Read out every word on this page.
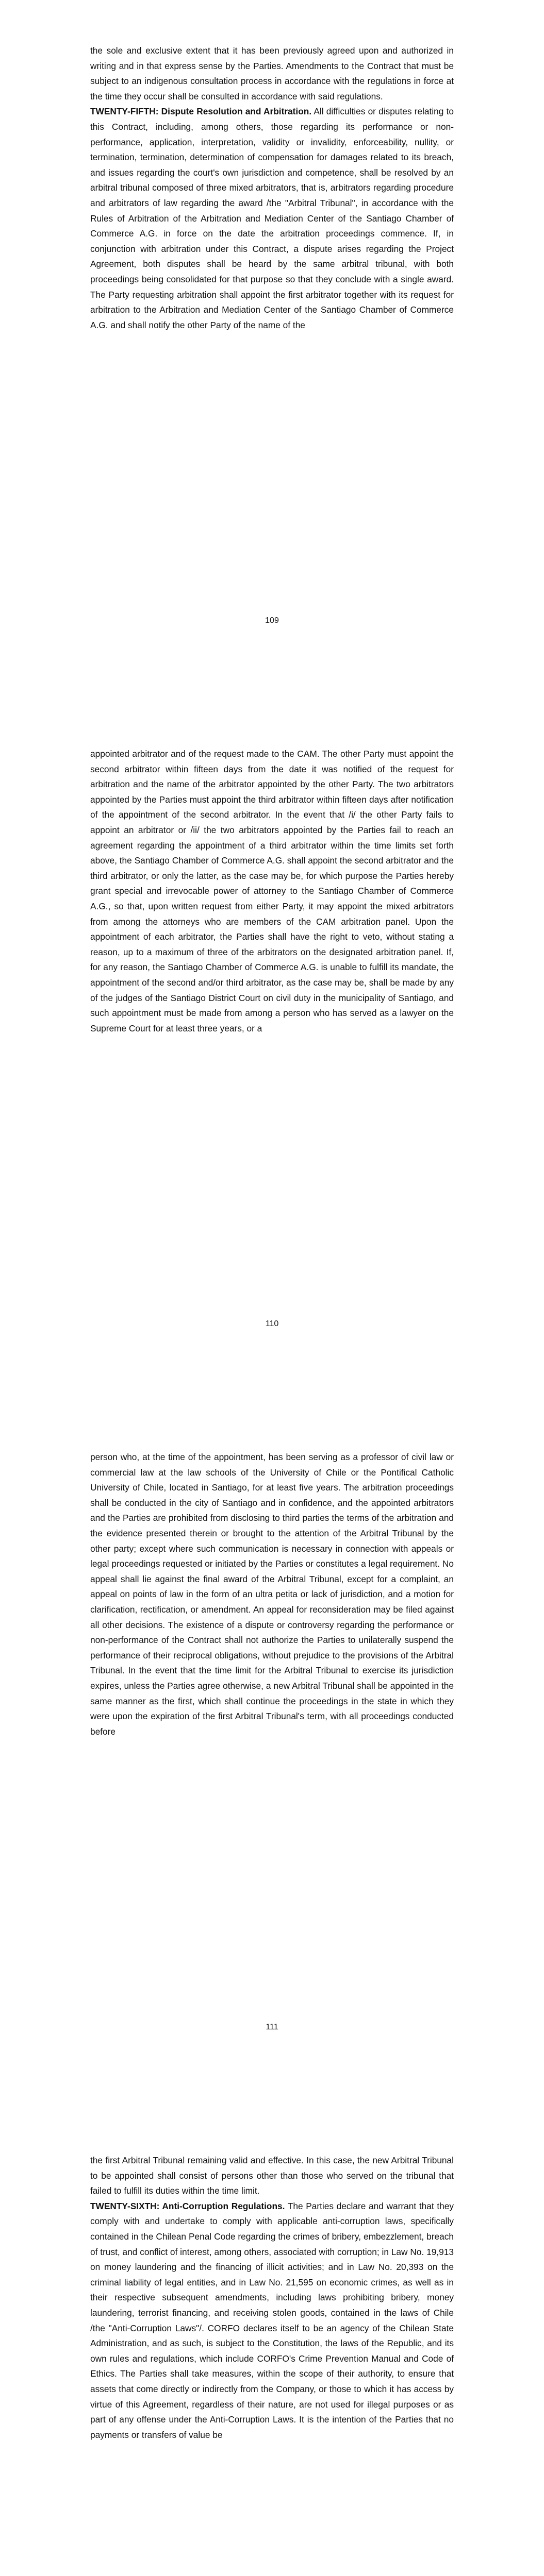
the sole and exclusive extent that it has been previously agreed upon and authorized in writing and in that express sense by the Parties. Amendments to the Contract that must be subject to an indigenous consultation process in accordance with the regulations in force at the time they occur shall be consulted in accordance with said regulations.
TWENTY-FIFTH: Dispute Resolution and Arbitration. All difficulties or disputes relating to this Contract, including, among others, those regarding its performance or non-performance, application, interpretation, validity or invalidity, enforceability, nullity, or termination, termination, determination of compensation for damages related to its breach, and issues regarding the court's own jurisdiction and competence, shall be resolved by an arbitral tribunal composed of three mixed arbitrators, that is, arbitrators regarding procedure and arbitrators of law regarding the award /the "Arbitral Tribunal", in accordance with the Rules of Arbitration of the Arbitration and Mediation Center of the Santiago Chamber of Commerce A.G. in force on the date the arbitration proceedings commence. If, in conjunction with arbitration under this Contract, a dispute arises regarding the Project Agreement, both disputes shall be heard by the same arbitral tribunal, with both proceedings being consolidated for that purpose so that they conclude with a single award. The Party requesting arbitration shall appoint the first arbitrator together with its request for arbitration to the Arbitration and Mediation Center of the Santiago Chamber of Commerce A.G. and shall notify the other Party of the name of the
109
appointed arbitrator and of the request made to the CAM. The other Party must appoint the second arbitrator within fifteen days from the date it was notified of the request for arbitration and the name of the arbitrator appointed by the other Party. The two arbitrators appointed by the Parties must appoint the third arbitrator within fifteen days after notification of the appointment of the second arbitrator. In the event that /i/ the other Party fails to appoint an arbitrator or /ii/ the two arbitrators appointed by the Parties fail to reach an agreement regarding the appointment of a third arbitrator within the time limits set forth above, the Santiago Chamber of Commerce A.G. shall appoint the second arbitrator and the third arbitrator, or only the latter, as the case may be, for which purpose the Parties hereby grant special and irrevocable power of attorney to the Santiago Chamber of Commerce A.G., so that, upon written request from either Party, it may appoint the mixed arbitrators from among the attorneys who are members of the CAM arbitration panel. Upon the appointment of each arbitrator, the Parties shall have the right to veto, without stating a reason, up to a maximum of three of the arbitrators on the designated arbitration panel. If, for any reason, the Santiago Chamber of Commerce A.G. is unable to fulfill its mandate, the appointment of the second and/or third arbitrator, as the case may be, shall be made by any of the judges of the Santiago District Court on civil duty in the municipality of Santiago, and such appointment must be made from among a person who has served as a lawyer on the Supreme Court for at least three years, or a
110
person who, at the time of the appointment, has been serving as a professor of civil law or commercial law at the law schools of the University of Chile or the Pontifical Catholic University of Chile, located in Santiago, for at least five years. The arbitration proceedings shall be conducted in the city of Santiago and in confidence, and the appointed arbitrators and the Parties are prohibited from disclosing to third parties the terms of the arbitration and the evidence presented therein or brought to the attention of the Arbitral Tribunal by the other party; except where such communication is necessary in connection with appeals or legal proceedings requested or initiated by the Parties or constitutes a legal requirement. No appeal shall lie against the final award of the Arbitral Tribunal, except for a complaint, an appeal on points of law in the form of an ultra petita or lack of jurisdiction, and a motion for clarification, rectification, or amendment. An appeal for reconsideration may be filed against all other decisions. The existence of a dispute or controversy regarding the performance or non-performance of the Contract shall not authorize the Parties to unilaterally suspend the performance of their reciprocal obligations, without prejudice to the provisions of the Arbitral Tribunal. In the event that the time limit for the Arbitral Tribunal to exercise its jurisdiction expires, unless the Parties agree otherwise, a new Arbitral Tribunal shall be appointed in the same manner as the first, which shall continue the proceedings in the state in which they were upon the expiration of the first Arbitral Tribunal's term, with all proceedings conducted before
111
the first Arbitral Tribunal remaining valid and effective. In this case, the new Arbitral Tribunal to be appointed shall consist of persons other than those who served on the tribunal that failed to fulfill its duties within the time limit.
TWENTY-SIXTH: Anti-Corruption Regulations. The Parties declare and warrant that they comply with and undertake to comply with applicable anti-corruption laws, specifically contained in the Chilean Penal Code regarding the crimes of bribery, embezzlement, breach of trust, and conflict of interest, among others, associated with corruption; in Law No. 19,913 on money laundering and the financing of illicit activities; and in Law No. 20,393 on the criminal liability of legal entities, and in Law No. 21,595 on economic crimes, as well as in their respective subsequent amendments, including laws prohibiting bribery, money laundering, terrorist financing, and receiving stolen goods, contained in the laws of Chile /the "Anti-Corruption Laws"/. CORFO declares itself to be an agency of the Chilean State Administration, and as such, is subject to the Constitution, the laws of the Republic, and its own rules and regulations, which include CORFO's Crime Prevention Manual and Code of Ethics. The Parties shall take measures, within the scope of their authority, to ensure that assets that come directly or indirectly from the Company, or those to which it has access by virtue of this Agreement, regardless of their nature, are not used for illegal purposes or as part of any offense under the Anti-Corruption Laws. It is the intention of the Parties that no payments or transfers of value be
